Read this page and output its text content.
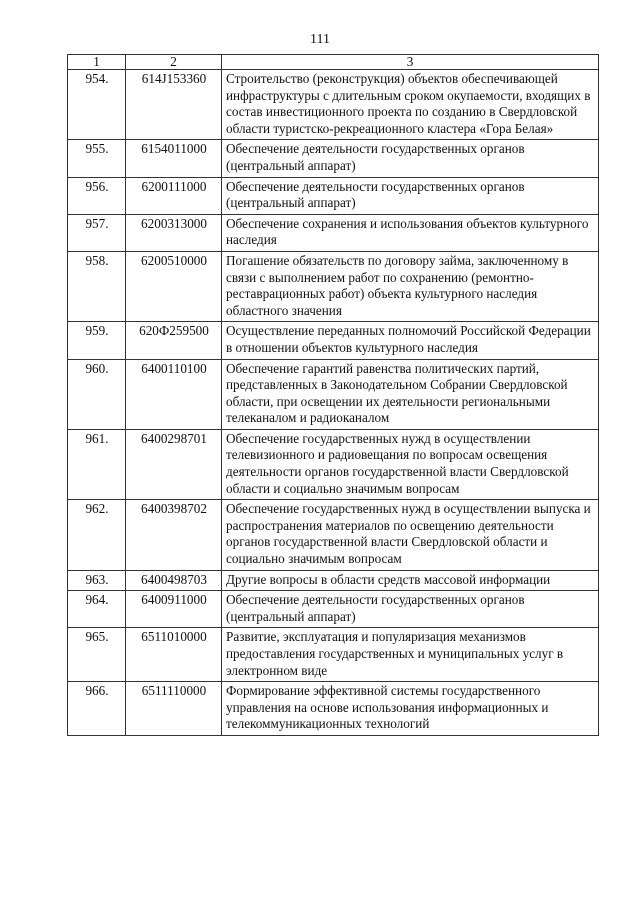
111
1	2	3
954.	614J153360	Строительство (реконструкция) объектов обеспечивающей инфраструктуры с длительным сроком окупаемости, входящих в состав инвестиционного проекта по созданию в Свердловской области туристско-рекреационного кластера «Гора Белая»
955.	6154011000	Обеспечение деятельности государственных органов (центральный аппарат)
956.	6200111000	Обеспечение деятельности государственных органов (центральный аппарат)
957.	6200313000	Обеспечение сохранения и использования объектов культурного наследия
958.	6200510000	Погашение обязательств по договору займа, заключенному в связи с выполнением работ по сохранению (ремонтно-реставрационных работ) объекта культурного наследия областного значения
959.	620Ф259500	Осуществление переданных полномочий Российской Федерации в отношении объектов культурного наследия
960.	6400110100	Обеспечение гарантий равенства политических партий, представленных в Законодательном Собрании Свердловской области, при освещении их деятельности региональными телеканалом и радиоканалом
961.	6400298701	Обеспечение государственных нужд в осуществлении телевизионного и радиовещания по вопросам освещения деятельности органов государственной власти Свердловской области и социально значимым вопросам
962.	6400398702	Обеспечение государственных нужд в осуществлении выпуска и распространения материалов по освещению деятельности органов государственной власти Свердловской области и социально значимым вопросам
963.	6400498703	Другие вопросы в области средств массовой информации
964.	6400911000	Обеспечение деятельности государственных органов (центральный аппарат)
965.	6511010000	Развитие, эксплуатация и популяризация механизмов предоставления государственных и муниципальных услуг в электронном виде
966.	6511110000	Формирование эффективной системы государственного управления на основе использования информационных и телекоммуникационных технологий
